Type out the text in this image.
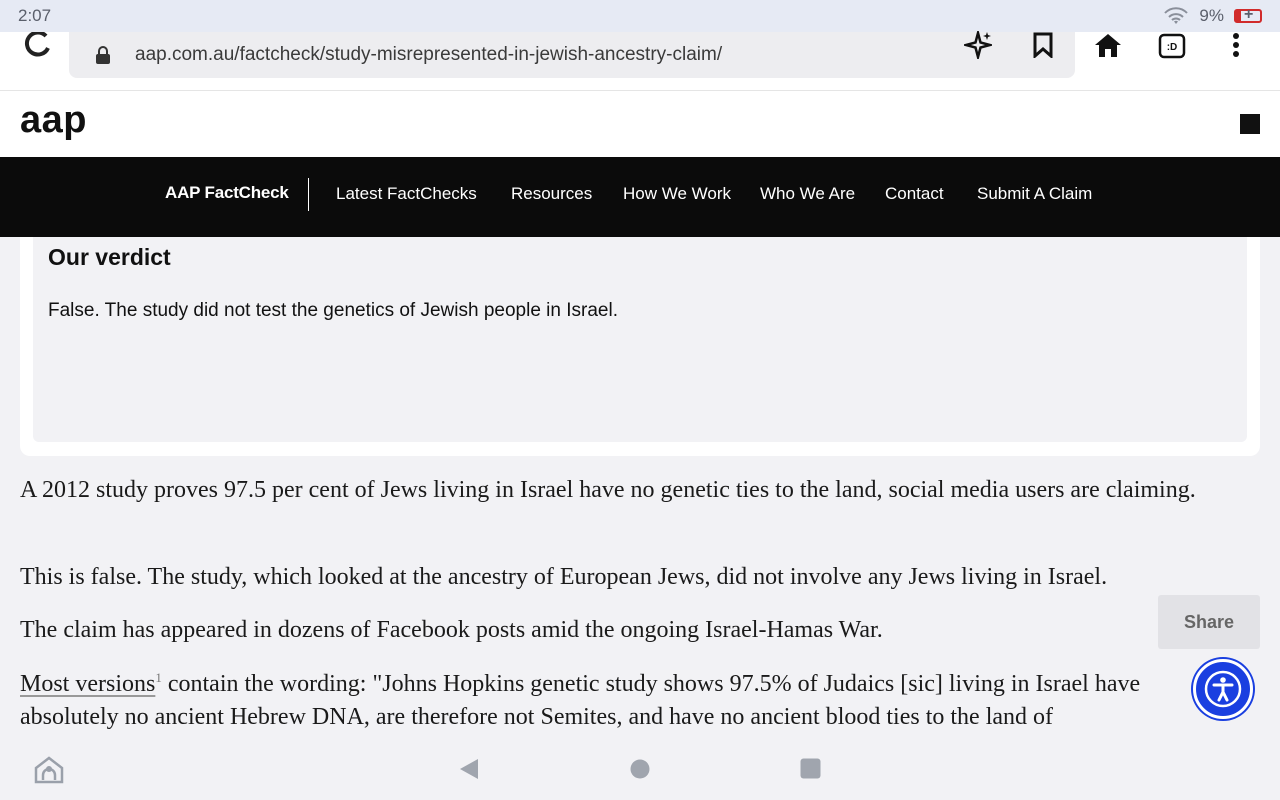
2:07	9%
+
aap.com.au/factcheck/study-misrepresented-in-jewish-ancestry-claim/	:D
aap
AAP FactCheck	Latest FactChecks Resources How We Work Who We Are Contact Submit A Claim
Our verdict
False. The study did not test the genetics of Jewish people in Israel.

A 2012 study proves 97.5 per cent of Jews living in Israel have no genetic ties to the land, social media users are claiming.

This is false. The study, which looked at the ancestry of European Jews, did not involve any Jews living in Israel.

The claim has appeared in dozens of Facebook posts amid the ongoing Israel-Hamas War.

Most versions$^1$ contain the wording: "Johns Hopkins genetic study shows 97.5% of Judaics [sic] living in Israel have absolutely no ancient Hebrew DNA, are therefore not Semites, and have no ancient blood ties to the land of

Share
